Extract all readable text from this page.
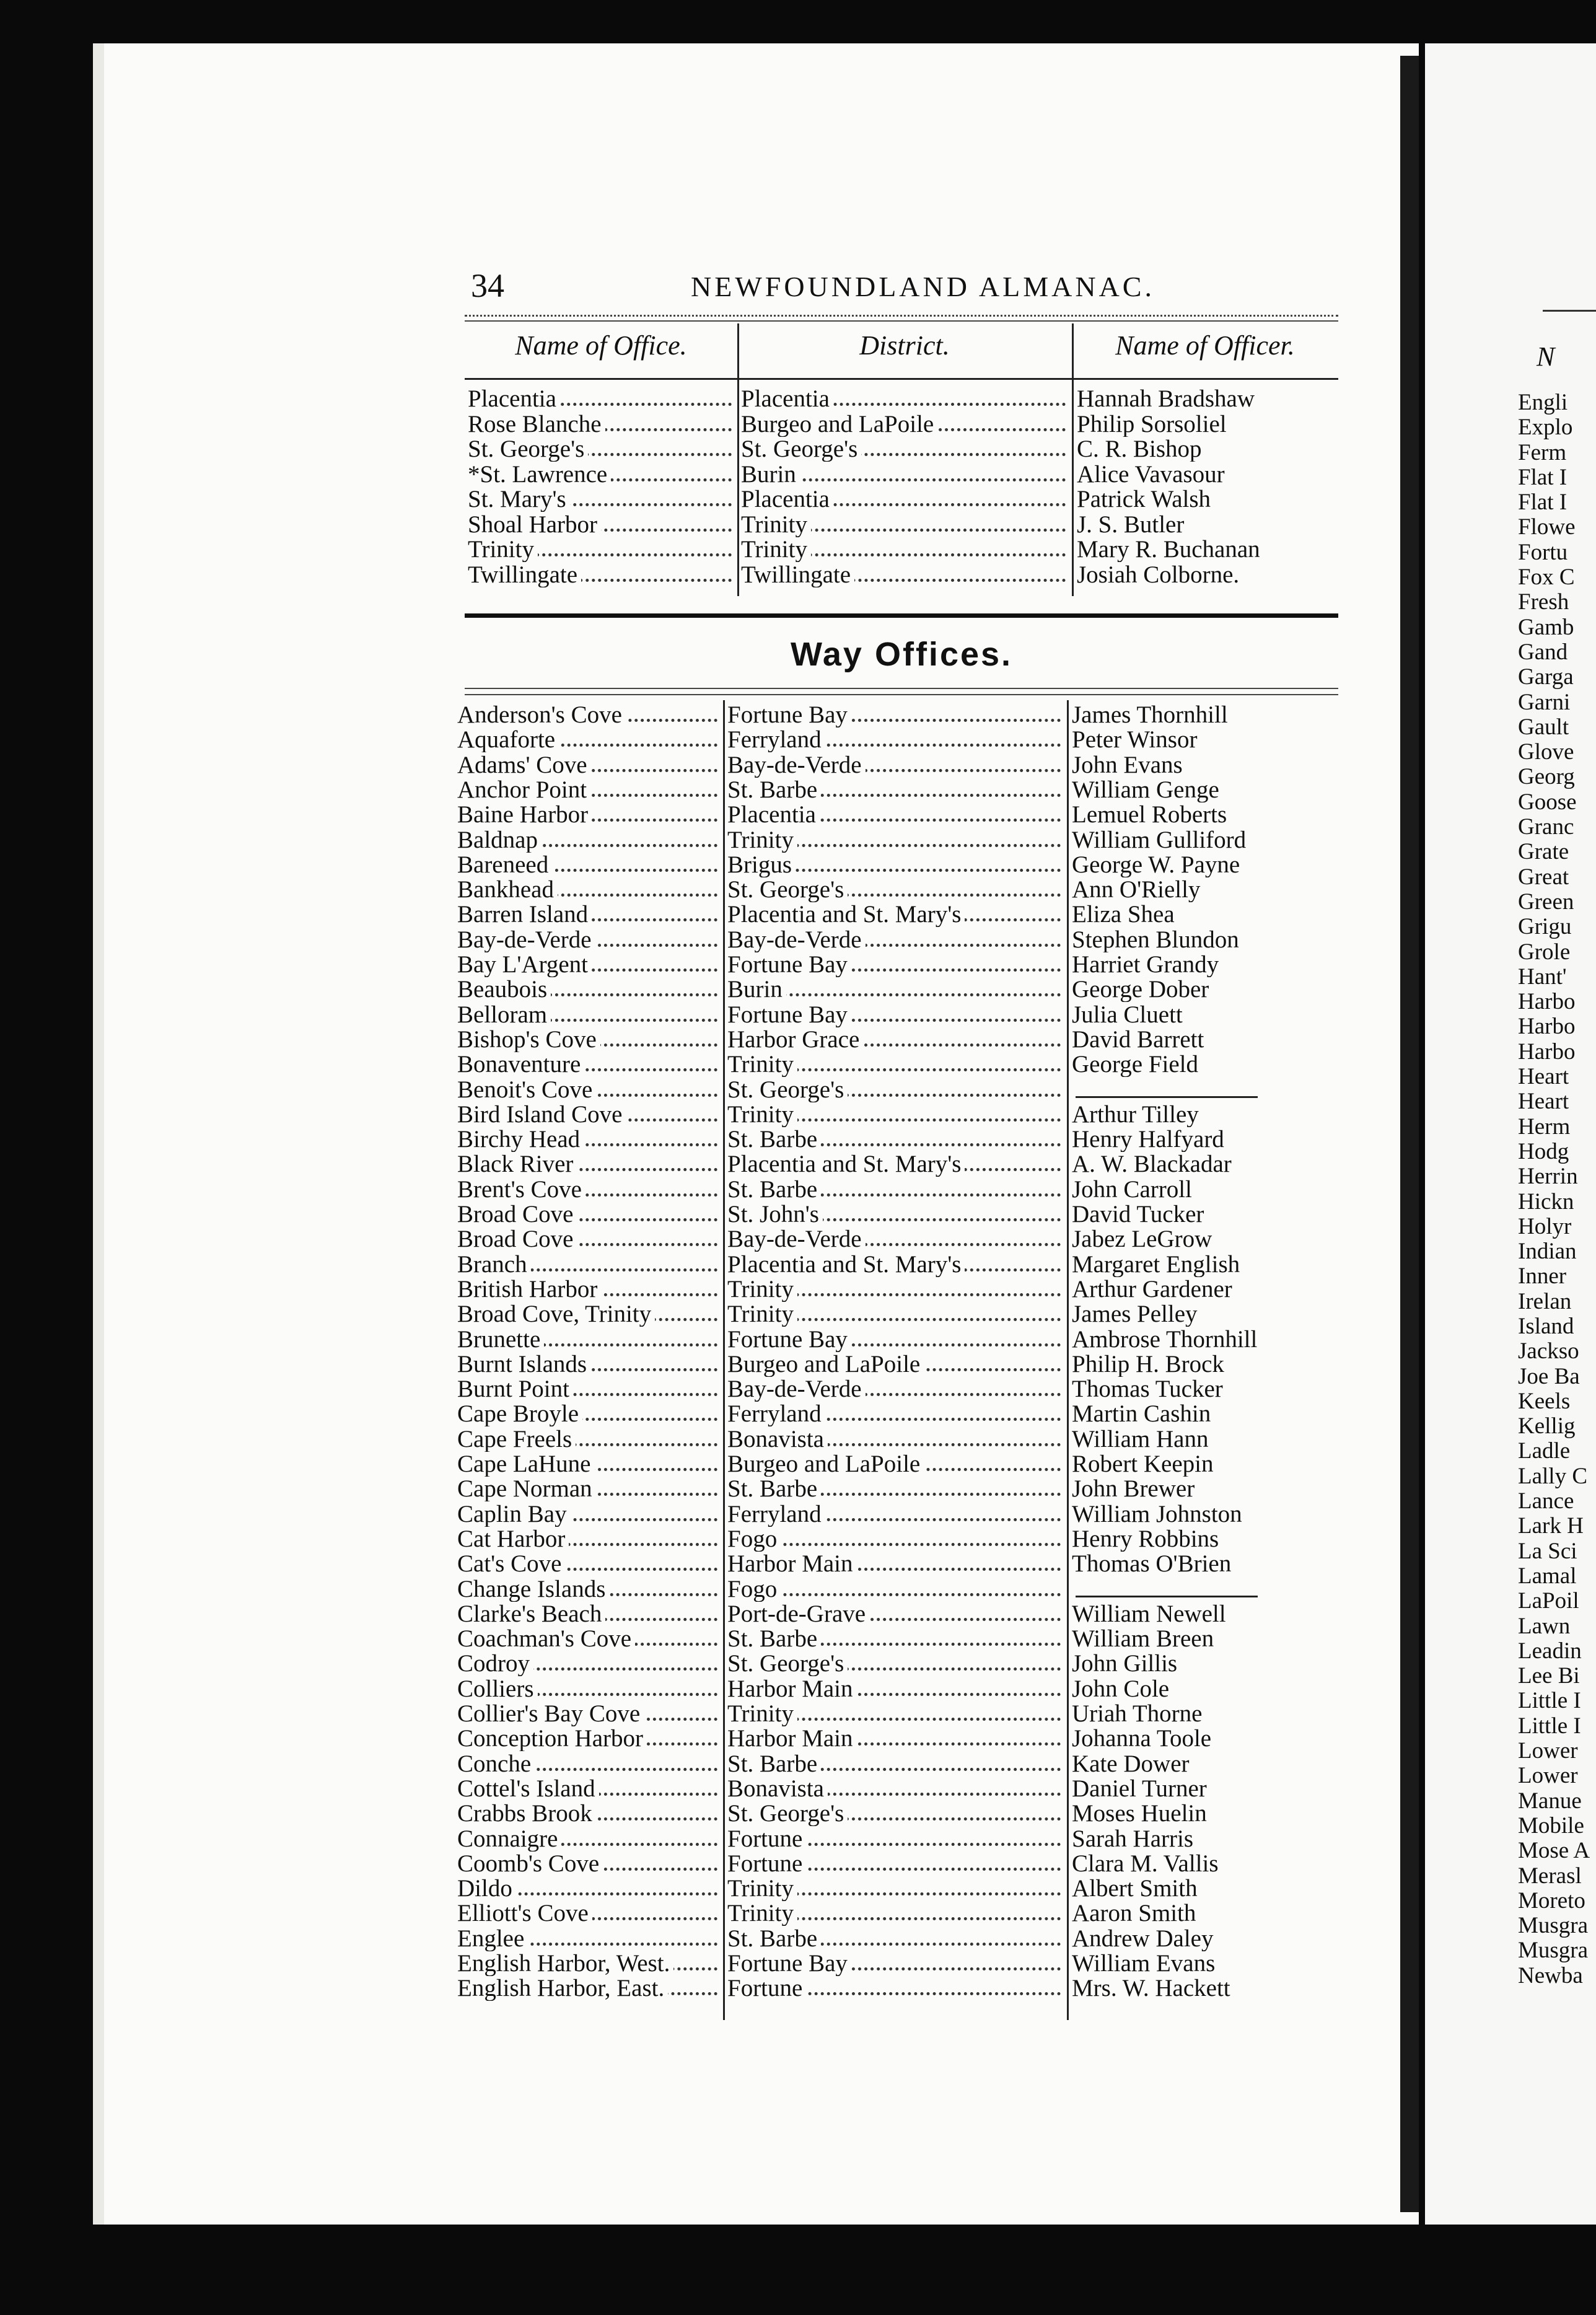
N
Engli
Explo
Ferm
Flat I
Flat I
Flowe
Fortu
Fox C
Fresh
Gamb
Gand
Garga
Garni
Gault
Glove
Georg
Goose
Granc
Grate
Great
Green
Grigu
Grole
Hant'
Harbo
Harbo
Harbo
Heart
Heart
Herm
Hodg
Herrin
Hickn
Holyr
Indian
Inner
Irelan
Island
Jackso
Joe Ba
Keels
Kellig
Ladle
Lally C
Lance
Lark H
La Sci
Lamal
LaPoil
Lawn
Leadin
Lee Bi
Little I
Little I
Lower
Lower
Manue
Mobile
Mose A
Merasl
Moreto
Musgra
Musgra
Newba
34	NEWFOUNDLAND ALMANAC.
Name of Office.	District.	Name of Officer.
Placentia	Placentia	Hannah Bradshaw
Rose Blanche	Burgeo and LaPoile	Philip Sorsoliel
St. George's	St. George's	C. R. Bishop
*St. Lawrence	Burin	Alice Vavasour
St. Mary's	Placentia	Patrick Walsh
Shoal Harbor	Trinity	J. S. Butler
Trinity	Trinity	Mary R. Buchanan
Twillingate	Twillingate	Josiah Colborne.
Way Offices.
Anderson's Cove	Fortune Bay	James Thornhill
Aquaforte	Ferryland	Peter Winsor
Adams' Cove	Bay-de-Verde	John Evans
Anchor Point	St. Barbe	William Genge
Baine Harbor	Placentia	Lemuel Roberts
Baldnap	Trinity	William Gulliford
Bareneed	Brigus	George W. Payne
Bankhead	St. George's	Ann O'Rielly
Barren Island	Placentia and St. Mary's	Eliza Shea
Bay-de-Verde	Bay-de-Verde	Stephen Blundon
Bay L'Argent	Fortune Bay	Harriet Grandy
Beaubois	Burin	George Dober
Belloram	Fortune Bay	Julia Cluett
Bishop's Cove	Harbor Grace	David Barrett
Bonaventure	Trinity	George Field
Benoit's Cove	St. George's
Bird Island Cove	Trinity	Arthur Tilley
Birchy Head	St. Barbe	Henry Halfyard
Black River	Placentia and St. Mary's	A. W. Blackadar
Brent's Cove	St. Barbe	John Carroll
Broad Cove	St. John's	David Tucker
Broad Cove	Bay-de-Verde	Jabez LeGrow
Branch	Placentia and St. Mary's	Margaret English
British Harbor	Trinity	Arthur Gardener
Broad Cove, Trinity	Trinity	James Pelley
Brunette	Fortune Bay	Ambrose Thornhill
Burnt Islands	Burgeo and LaPoile	Philip H. Brock
Burnt Point	Bay-de-Verde	Thomas Tucker
Cape Broyle	Ferryland	Martin Cashin
Cape Freels	Bonavista	William Hann
Cape LaHune	Burgeo and LaPoile	Robert Keepin
Cape Norman	St. Barbe	John Brewer
Caplin Bay	Ferryland	William Johnston
Cat Harbor	Fogo	Henry Robbins
Cat's Cove	Harbor Main	Thomas O'Brien
Change Islands	Fogo
Clarke's Beach	Port-de-Grave	William Newell
Coachman's Cove	St. Barbe	William Breen
Codroy	St. George's	John Gillis
Colliers	Harbor Main	John Cole
Collier's Bay Cove	Trinity	Uriah Thorne
Conception Harbor	Harbor Main	Johanna Toole
Conche	St. Barbe	Kate Dower
Cottel's Island	Bonavista	Daniel Turner
Crabbs Brook	St. George's	Moses Huelin
Connaigre	Fortune	Sarah Harris
Coomb's Cove	Fortune	Clara M. Vallis
Dildo	Trinity	Albert Smith
Elliott's Cove	Trinity	Aaron Smith
Englee	St. Barbe	Andrew Daley
English Harbor, West.	Fortune Bay	William Evans
English Harbor, East.	Fortune	Mrs. W. Hackett
